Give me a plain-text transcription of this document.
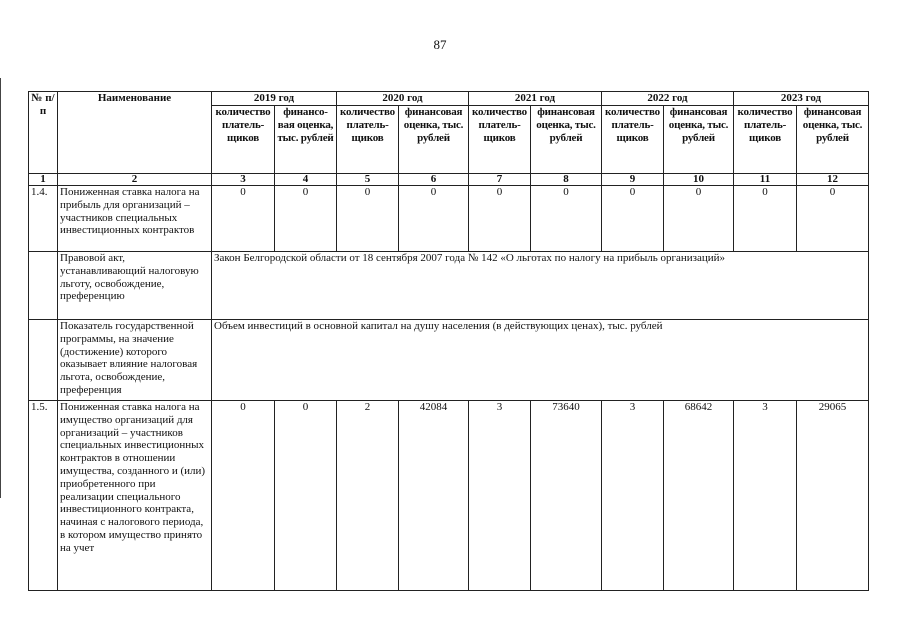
87
№ п/п	Наименование	2019 год		2020 год		2021 год		2022 год		2023 год	
		количество платель-щиков	финансо-вая оценка, тыс. рублей	количество платель-щиков	финансовая оценка, тыс. рублей	количество платель-щиков	финансовая оценка, тыс. рублей	количество платель-щиков	финансовая оценка, тыс. рублей	количество платель-щиков	финансовая оценка, тыс. рублей
1	2	3	4	5	6	7	8	9	10	11	12
1.4.	Пониженная ставка налога на прибыль для организаций – участников специальных инвестиционных контрактов	0	0	0	0	0	0	0	0	0	0
	Правовой акт, устанавливающий налоговую льготу, освобождение, преференцию	Закон Белгородской области от 18 сентября 2007 года № 142 «О льготах по налогу на прибыль организаций»									
	Показатель государственной программы, на значение (достижение) которого оказывает влияние налоговая льгота, освобождение, преференция	Объем инвестиций в основной капитал на душу населения (в действующих ценах), тыс. рублей									
1.5.	Пониженная ставка налога на имущество организаций для организаций – участников специальных инвестиционных контрактов в отношении имущества, созданного и (или) приобретенного при реализации специального инвестиционного контракта, начиная с налогового периода, в котором имущество принято на учет	0	0	2	42084	3	73640	3	68642	3	29065
